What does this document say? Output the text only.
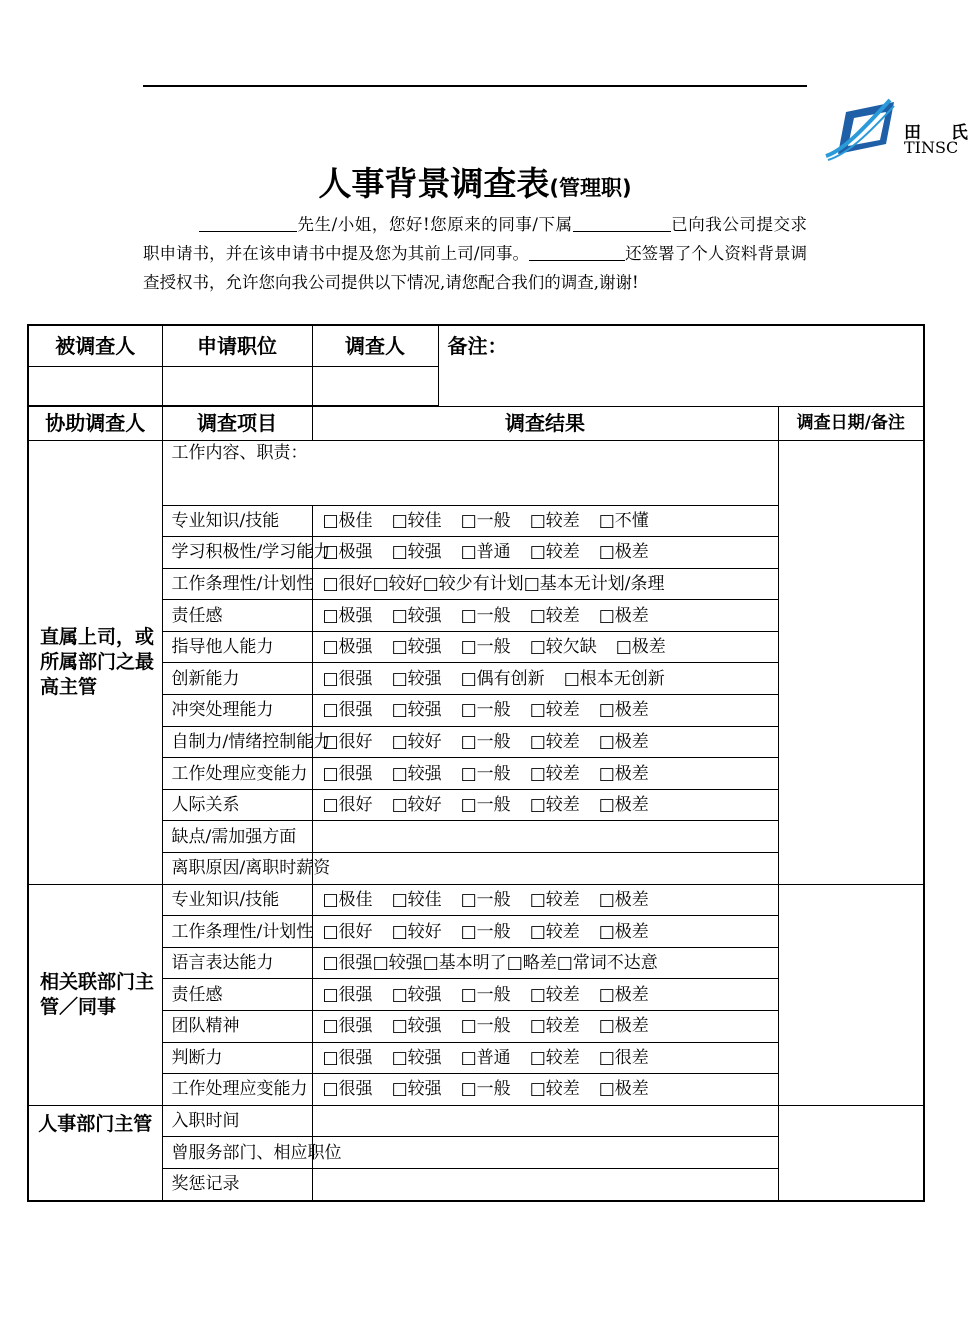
田 氏
TINSC
人事背景调查表(管理职)
先生/小姐，您好!您原来的同事/下属	已向我公司提交求职申请书，并在该申请书中提及您为其前上司/同事。	还签署了个人资料背景调查授权书，允许您向我公司提供以下情况,请您配合我们的调查,谢谢!
被调查人	申请职位	调查人	备注：	

协助调查人	调查项目	调查结果		调查日期/备注
直属上司，或所属部门之最高主管	工作内容、职责：			
	专业知识/技能	□极佳 □较佳 □一般 □较差 □不懂		
	学习积极性/学习能力	□极强 □较强 □普通 □较差 □极差		
	工作条理性/计划性	□很好□较好□较少有计划□基本无计划/条理		
	责任感	□极强 □较强 □一般 □较差 □极差		
	指导他人能力	□极强 □较强 □一般 □较欠缺 □极差		
	创新能力	□很强 □较强 □偶有创新 □根本无创新		
	冲突处理能力	□很强 □较强 □一般 □较差 □极差		
	自制力/情绪控制能力	□很好 □较好 □一般 □较差 □极差		
	工作处理应变能力	□很强 □较强 □一般 □较差 □极差		
	人际关系	□很好 □较好 □一般 □较差 □极差		
	缺点/需加强方面			
	离职原因/离职时薪资			
相关联部门主管／同事	专业知识/技能	□极佳 □较佳 □一般 □较差 □极差		
	工作条理性/计划性	□很好 □较好 □一般 □较差 □极差		
	语言表达能力	□很强□较强□基本明了□略差□常词不达意		
	责任感	□很强 □较强 □一般 □较差 □极差		
	团队精神	□很强 □较强 □一般 □较差 □极差		
	判断力	□很强 □较强 □普通 □较差 □很差		
	工作处理应变能力	□很强 □较强 □一般 □较差 □极差		
人事部门主管	入职时间			
	曾服务部门、相应职位			
	奖惩记录			
